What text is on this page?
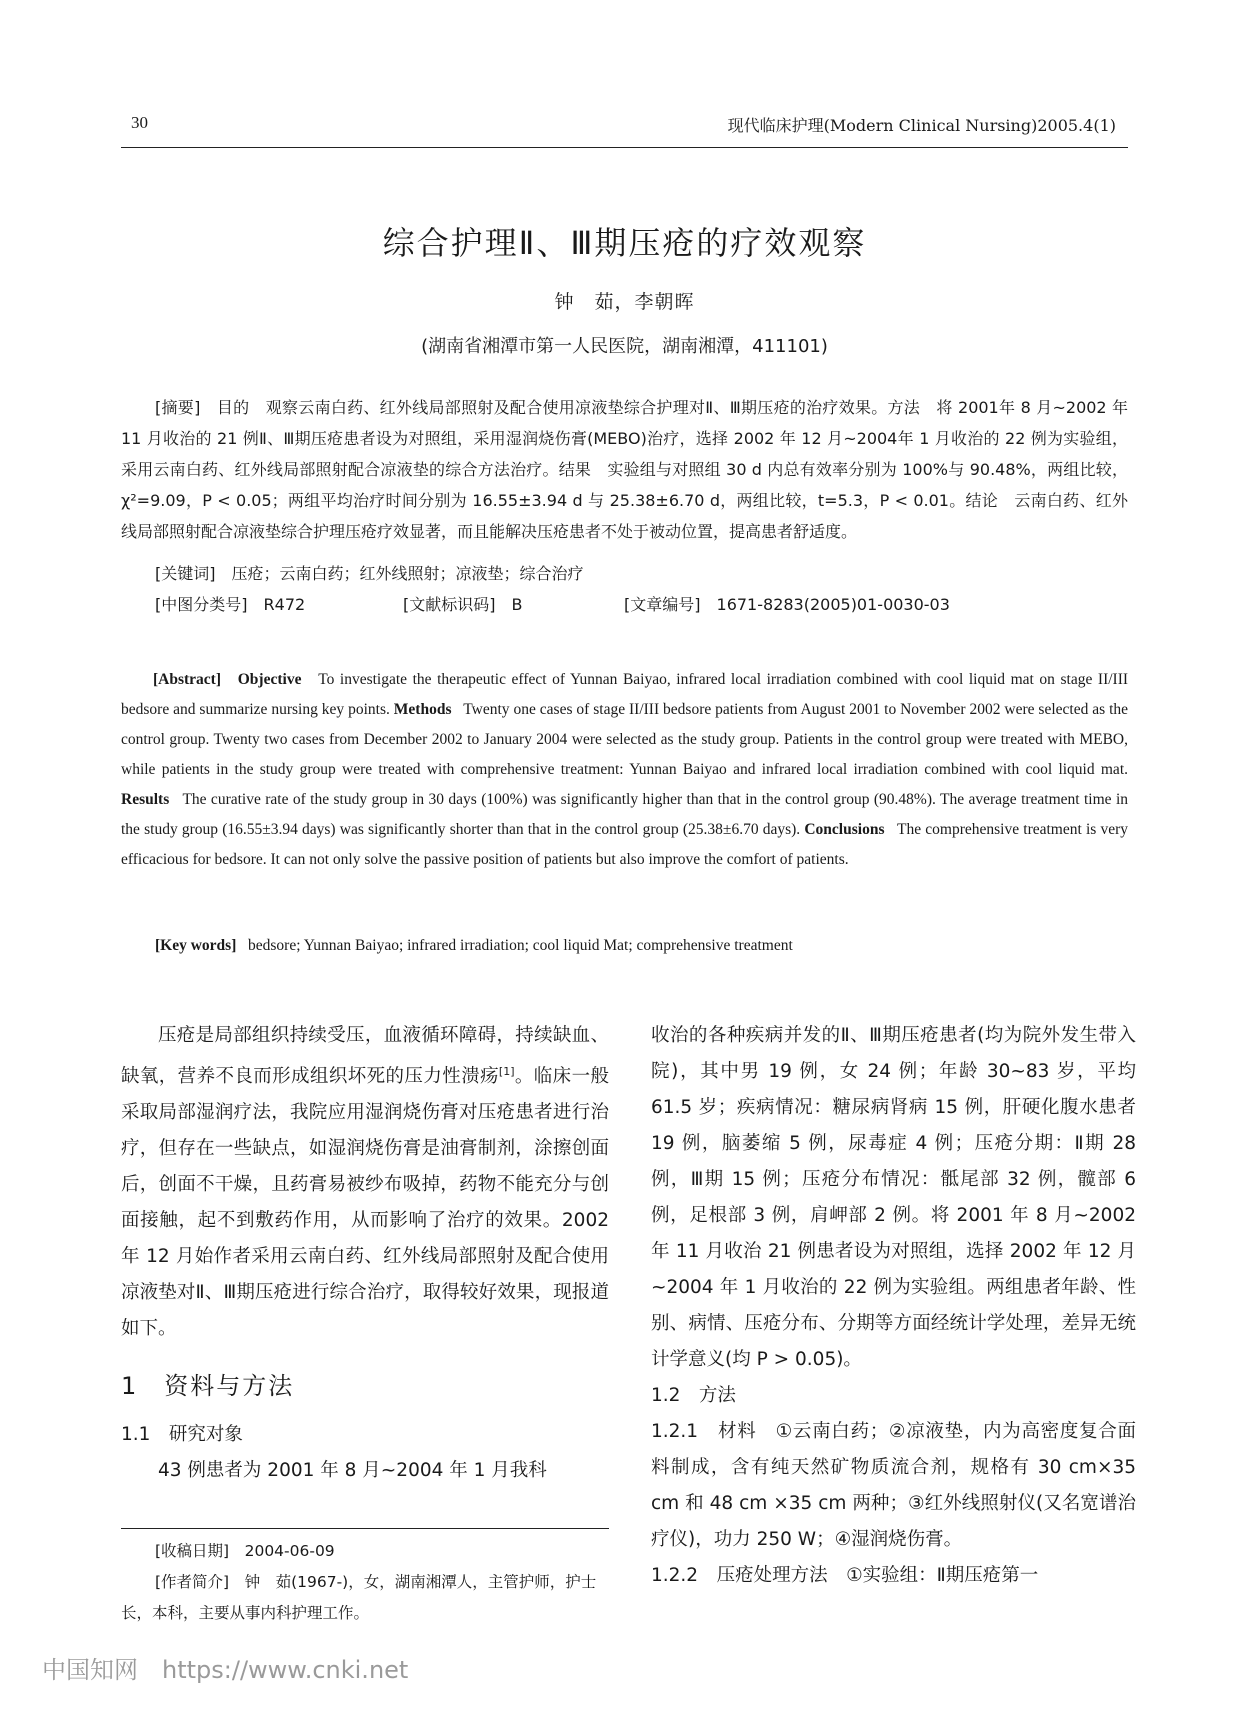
30	现代临床护理(Modern Clinical Nursing)2005.4(1)
综合护理Ⅱ、Ⅲ期压疮的疗效观察
钟　茹，李朝晖
(湖南省湘潭市第一人民医院，湖南湘潭，411101)

[摘要]　 目的　观察云南白药、红外线局部照射及配合使用凉液垫综合护理对Ⅱ、Ⅲ期压疮的治疗效果。方法　将 2001年 8 月~2002 年 11 月收治的 21 例Ⅱ、Ⅲ期压疮患者设为对照组，采用湿润烧伤膏(MEBO)治疗，选择 2002 年 12 月~2004年 1 月收治的 22 例为实验组，采用云南白药、红外线局部照射配合凉液垫的综合方法治疗。结果　实验组与对照组 30 d 内总有效率分别为 100%与 90.48%，两组比较，χ²=9.09，P < 0.05；两组平均治疗时间分别为 16.55±3.94 d 与 25.38±6.70 d，两组比较，t=5.3，P < 0.01。结论　云南白药、红外线局部照射配合凉液垫综合护理压疮疗效显著，而且能解决压疮患者不处于被动位置，提高患者舒适度。

[关键词]　 压疮；云南白药；红外线照射；凉液垫；综合治疗
[中图分类号]　 R472	[文献标识码]　 B	[文章编号]　 1671-8283(2005)01-0030-03

[Abstract] Objective To investigate the therapeutic effect of Yunnan Baiyao, infrared local irradiation combined with cool liquid mat on stage II/III bedsore and summarize nursing key points. Methods Twenty one cases of stage II/III bedsore patients from August 2001 to November 2002 were selected as the control group. Twenty two cases from December 2002 to January 2004 were selected as the study group. Patients in the control group were treated with MEBO, while patients in the study group were treated with comprehensive treatment: Yunnan Baiyao and infrared local irradiation combined with cool liquid mat. Results The curative rate of the study group in 30 days (100%) was significantly higher than that in the control group (90.48%). The average treatment time in the study group (16.55±3.94 days) was significantly shorter than that in the control group (25.38±6.70 days). Conclusions The comprehensive treatment is very efficacious for bedsore. It can not only solve the passive position of patients but also improve the comfort of patients.

[Key words] bedsore; Yunnan Baiyao; infrared irradiation; cool liquid Mat; comprehensive treatment

压疮是局部组织持续受压，血液循环障碍，持续缺血、缺氧，营养不良而形成组织坏死的压力性溃疡[1]。临床一般采取局部湿润疗法，我院应用湿润烧伤膏对压疮患者进行治疗，但存在一些缺点，如湿润烧伤膏是油膏制剂，涂擦创面后，创面不干燥，且药膏易被纱布吸掉，药物不能充分与创面接触，起不到敷药作用，从而影响了治疗的效果。2002 年 12 月始作者采用云南白药、红外线局部照射及配合使用凉液垫对Ⅱ、Ⅲ期压疮进行综合治疗，取得较好效果，现报道如下。

1　资料与方法

1.1　研究对象

43 例患者为 2001 年 8 月~2004 年 1 月我科

[收稿日期]　2004-06-09

[作者简介]　钟　茹(1967-)，女，湖南湘潭人，主管护师，护士长，本科，主要从事内科护理工作。

收治的各种疾病并发的Ⅱ、Ⅲ期压疮患者(均为院外发生带入院)，其中男 19 例，女 24 例；年龄 30~83 岁，平均 61.5 岁；疾病情况：糖尿病肾病 15 例，肝硬化腹水患者 19 例，脑萎缩 5 例，尿毒症 4 例；压疮分期：Ⅱ期 28 例，Ⅲ期 15 例；压疮分布情况：骶尾部 32 例，髋部 6 例，足根部 3 例，肩岬部 2 例。将 2001 年 8 月~2002 年 11 月收治 21 例患者设为对照组，选择 2002 年 12 月~2004 年 1 月收治的 22 例为实验组。两组患者年龄、性别、病情、压疮分布、分期等方面经统计学处理，差异无统计学意义(均 P > 0.05)。

1.2　方法

1.2.1　材料　①云南白药；②凉液垫，内为高密度复合面料制成，含有纯天然矿物质流合剂，规格有 30 cm×35 cm 和 48 cm ×35 cm 两种；③红外线照射仪(又名宽谱治疗仪)，功力 250 W；④湿润烧伤膏。

1.2.2　压疮处理方法　①实验组：Ⅱ期压疮第一

中国知网　https://www.cnki.net
